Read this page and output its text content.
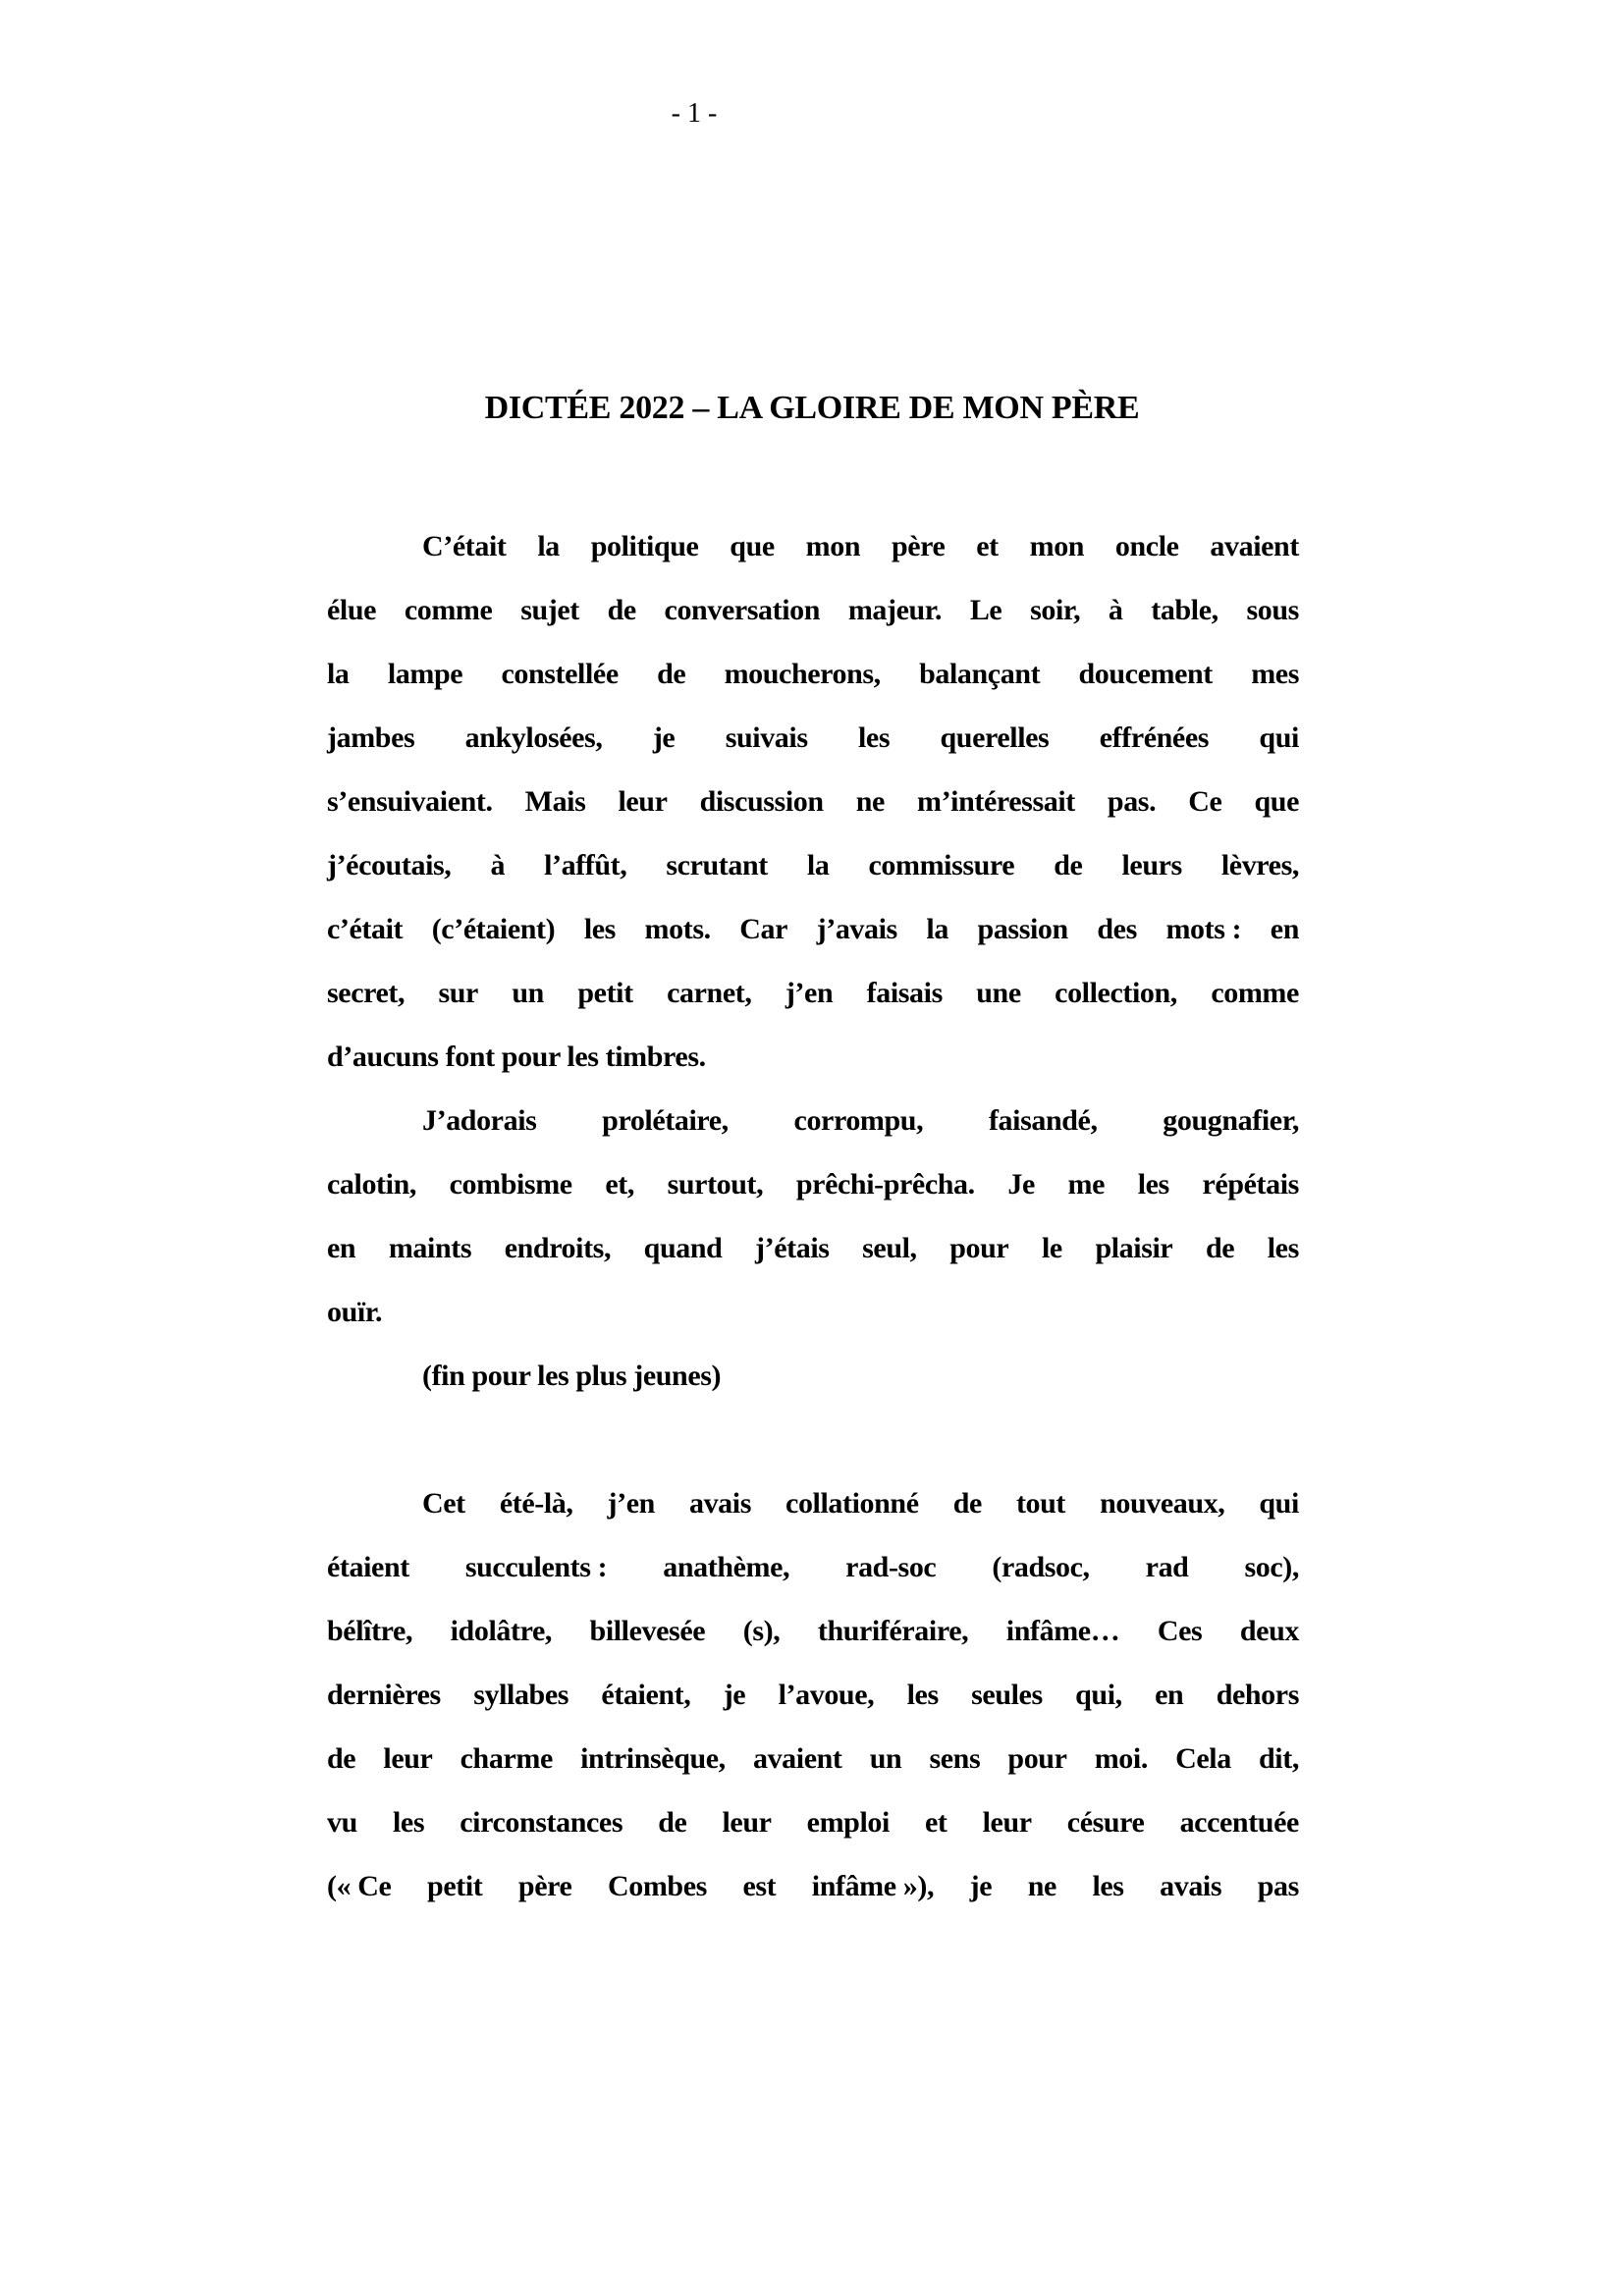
- 1 -
DICTÉE 2022 – LA GLOIRE DE MON PÈRE
C’était la politique que mon père et mon oncle avaient
élue comme sujet de conversation majeur. Le soir, à table, sous
la lampe constellée de moucherons, balançant doucement mes
jambes ankylosées, je suivais les querelles effrénées qui
s’ensuivaient. Mais leur discussion ne m’intéressait pas. Ce que
j’écoutais, à l’affût, scrutant la commissure de leurs lèvres,
c’était (c’étaient) les mots. Car j’avais la passion des mots : en
secret, sur un petit carnet, j’en faisais une collection, comme
d’aucuns font pour les timbres.
J’adorais prolétaire, corrompu, faisandé, gougnafier,
calotin, combisme et, surtout, prêchi-prêcha. Je me les répétais
en maints endroits, quand j’étais seul, pour le plaisir de les
ouïr.
(fin pour les plus jeunes)
Cet été-là, j’en avais collationné de tout nouveaux, qui
étaient succulents : anathème, rad-soc (radsoc, rad soc),
bélître, idolâtre, billevesée (s), thuriféraire, infâme… Ces deux
dernières syllabes étaient, je l’avoue, les seules qui, en dehors
de leur charme intrinsèque, avaient un sens pour moi. Cela dit,
vu les circonstances de leur emploi et leur césure accentuée
(« Ce petit père Combes est infâme »), je ne les avais pas
